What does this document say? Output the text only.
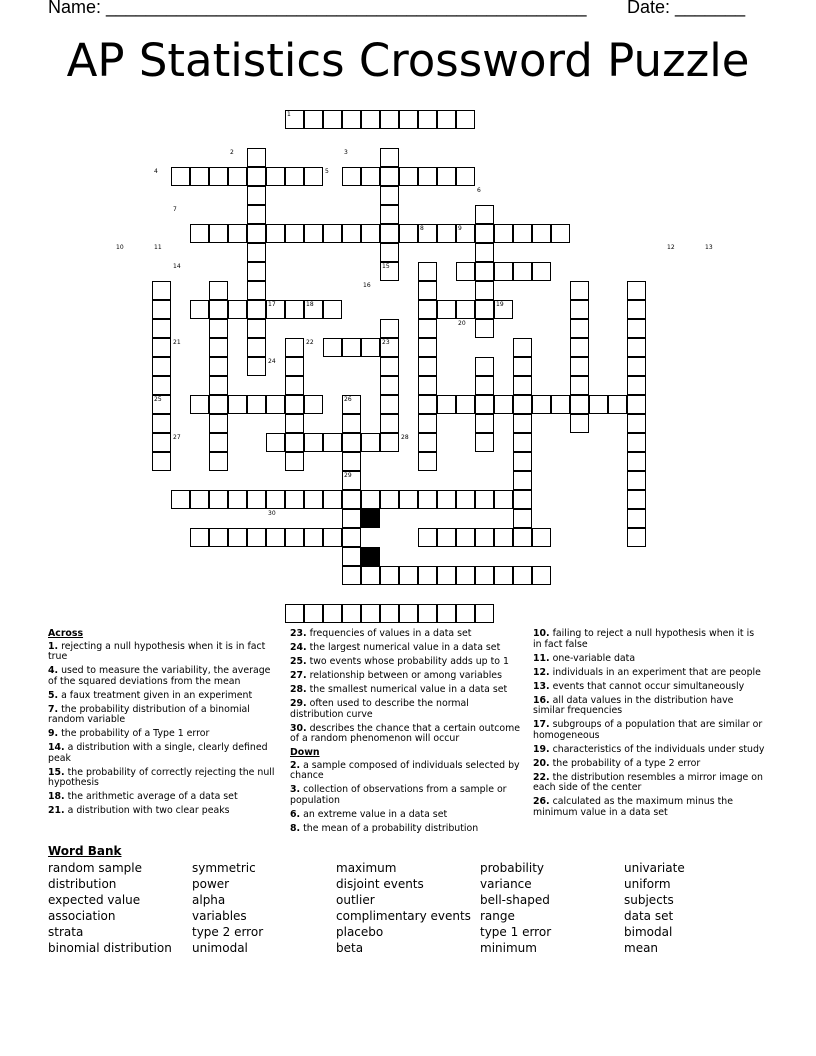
Name: ________________________________________________ Date: _______
AP Statistics Crossword Puzzle
1
2	3
4	5
6
7
8	9
10	11	12	13
14	15
16
17	18	19
20
21	22	23
24
25	26
27	28
29
30
Across
1. rejecting a null hypothesis when it is in fact true
4. used to measure the variability, the average of the squared deviations from the mean
5. a faux treatment given in an experiment
7. the probability distribution of a binomial random variable
9. the probability of a Type 1 error
14. a distribution with a single, clearly defined peak
15. the probability of correctly rejecting the null hypothesis
18. the arithmetic average of a data set
21. a distribution with two clear peaks
23. frequencies of values in a data set
24. the largest numerical value in a data set
25. two events whose probability adds up to 1
27. relationship between or among variables
28. the smallest numerical value in a data set
29. often used to describe the normal distribution curve
30. describes the chance that a certain outcome of a random phenomenon will occur
Down
2. a sample composed of individuals selected by chance
3. collection of observations from a sample or population
6. an extreme value in a data set
8. the mean of a probability distribution
10. failing to reject a null hypothesis when it is in fact false
11. one-variable data
12. individuals in an experiment that are people
13. events that cannot occur simultaneously
16. all data values in the distribution have similar frequencies
17. subgroups of a population that are similar or homogeneous
19. characteristics of the individuals under study
20. the probability of a type 2 error
22. the distribution resembles a mirror image on each side of the center
26. calculated as the maximum minus the minimum value in a data set
Word Bank
random sample
distribution
expected value
association
strata
binomial distribution
symmetric
power
alpha
variables
type 2 error
unimodal
maximum
disjoint events
outlier
complimentary events
placebo
beta
probability
variance
bell-shaped
range
type 1 error
minimum
univariate
uniform
subjects
data set
bimodal
mean
